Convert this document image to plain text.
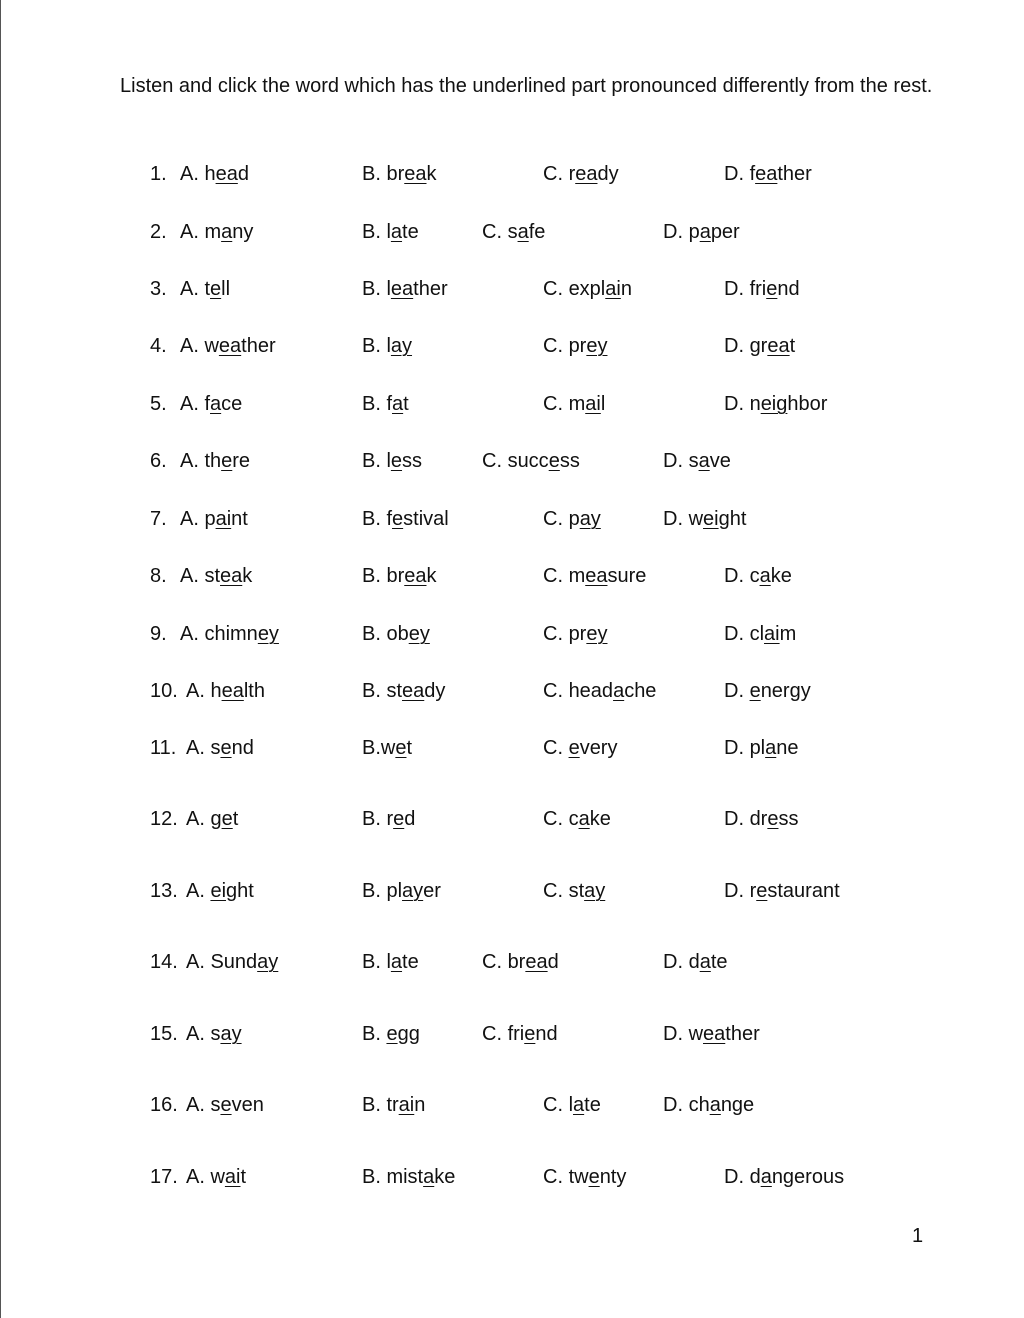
Listen and click the word which has the underlined part pronounced differently from the rest.

1. A. head	B. break	C. ready	D. feather
2. A. many	B. late	C. safe	D. paper
3. A. tell	B. leather	C. explain	D. friend
4. A. weather	B. lay	C. prey	D. great
5. A. face	B. fat	C. mail	D. neighbor
6. A. there	B. less	C. success	D. save
7. A. paint	B. festival	C. pay	D. weight
8. A. steak	B. break	C. measure	D. cake
9. A. chimney	B. obey	C. prey	D. claim
10. A. health	B. steady	C. headache	D. energy
11. A. send	B.wet	C. every	D. plane
12. A. get	B. red	C. cake	D. dress
13. A. eight	B. player	C. stay	D. restaurant
14. A. Sunday	B. late	C. bread	D. date
15. A. say	B. egg	C. friend	D. weather
16. A. seven	B. train	C. late	D. change
17. A. wait	B. mistake	C. twenty	D. dangerous
1
